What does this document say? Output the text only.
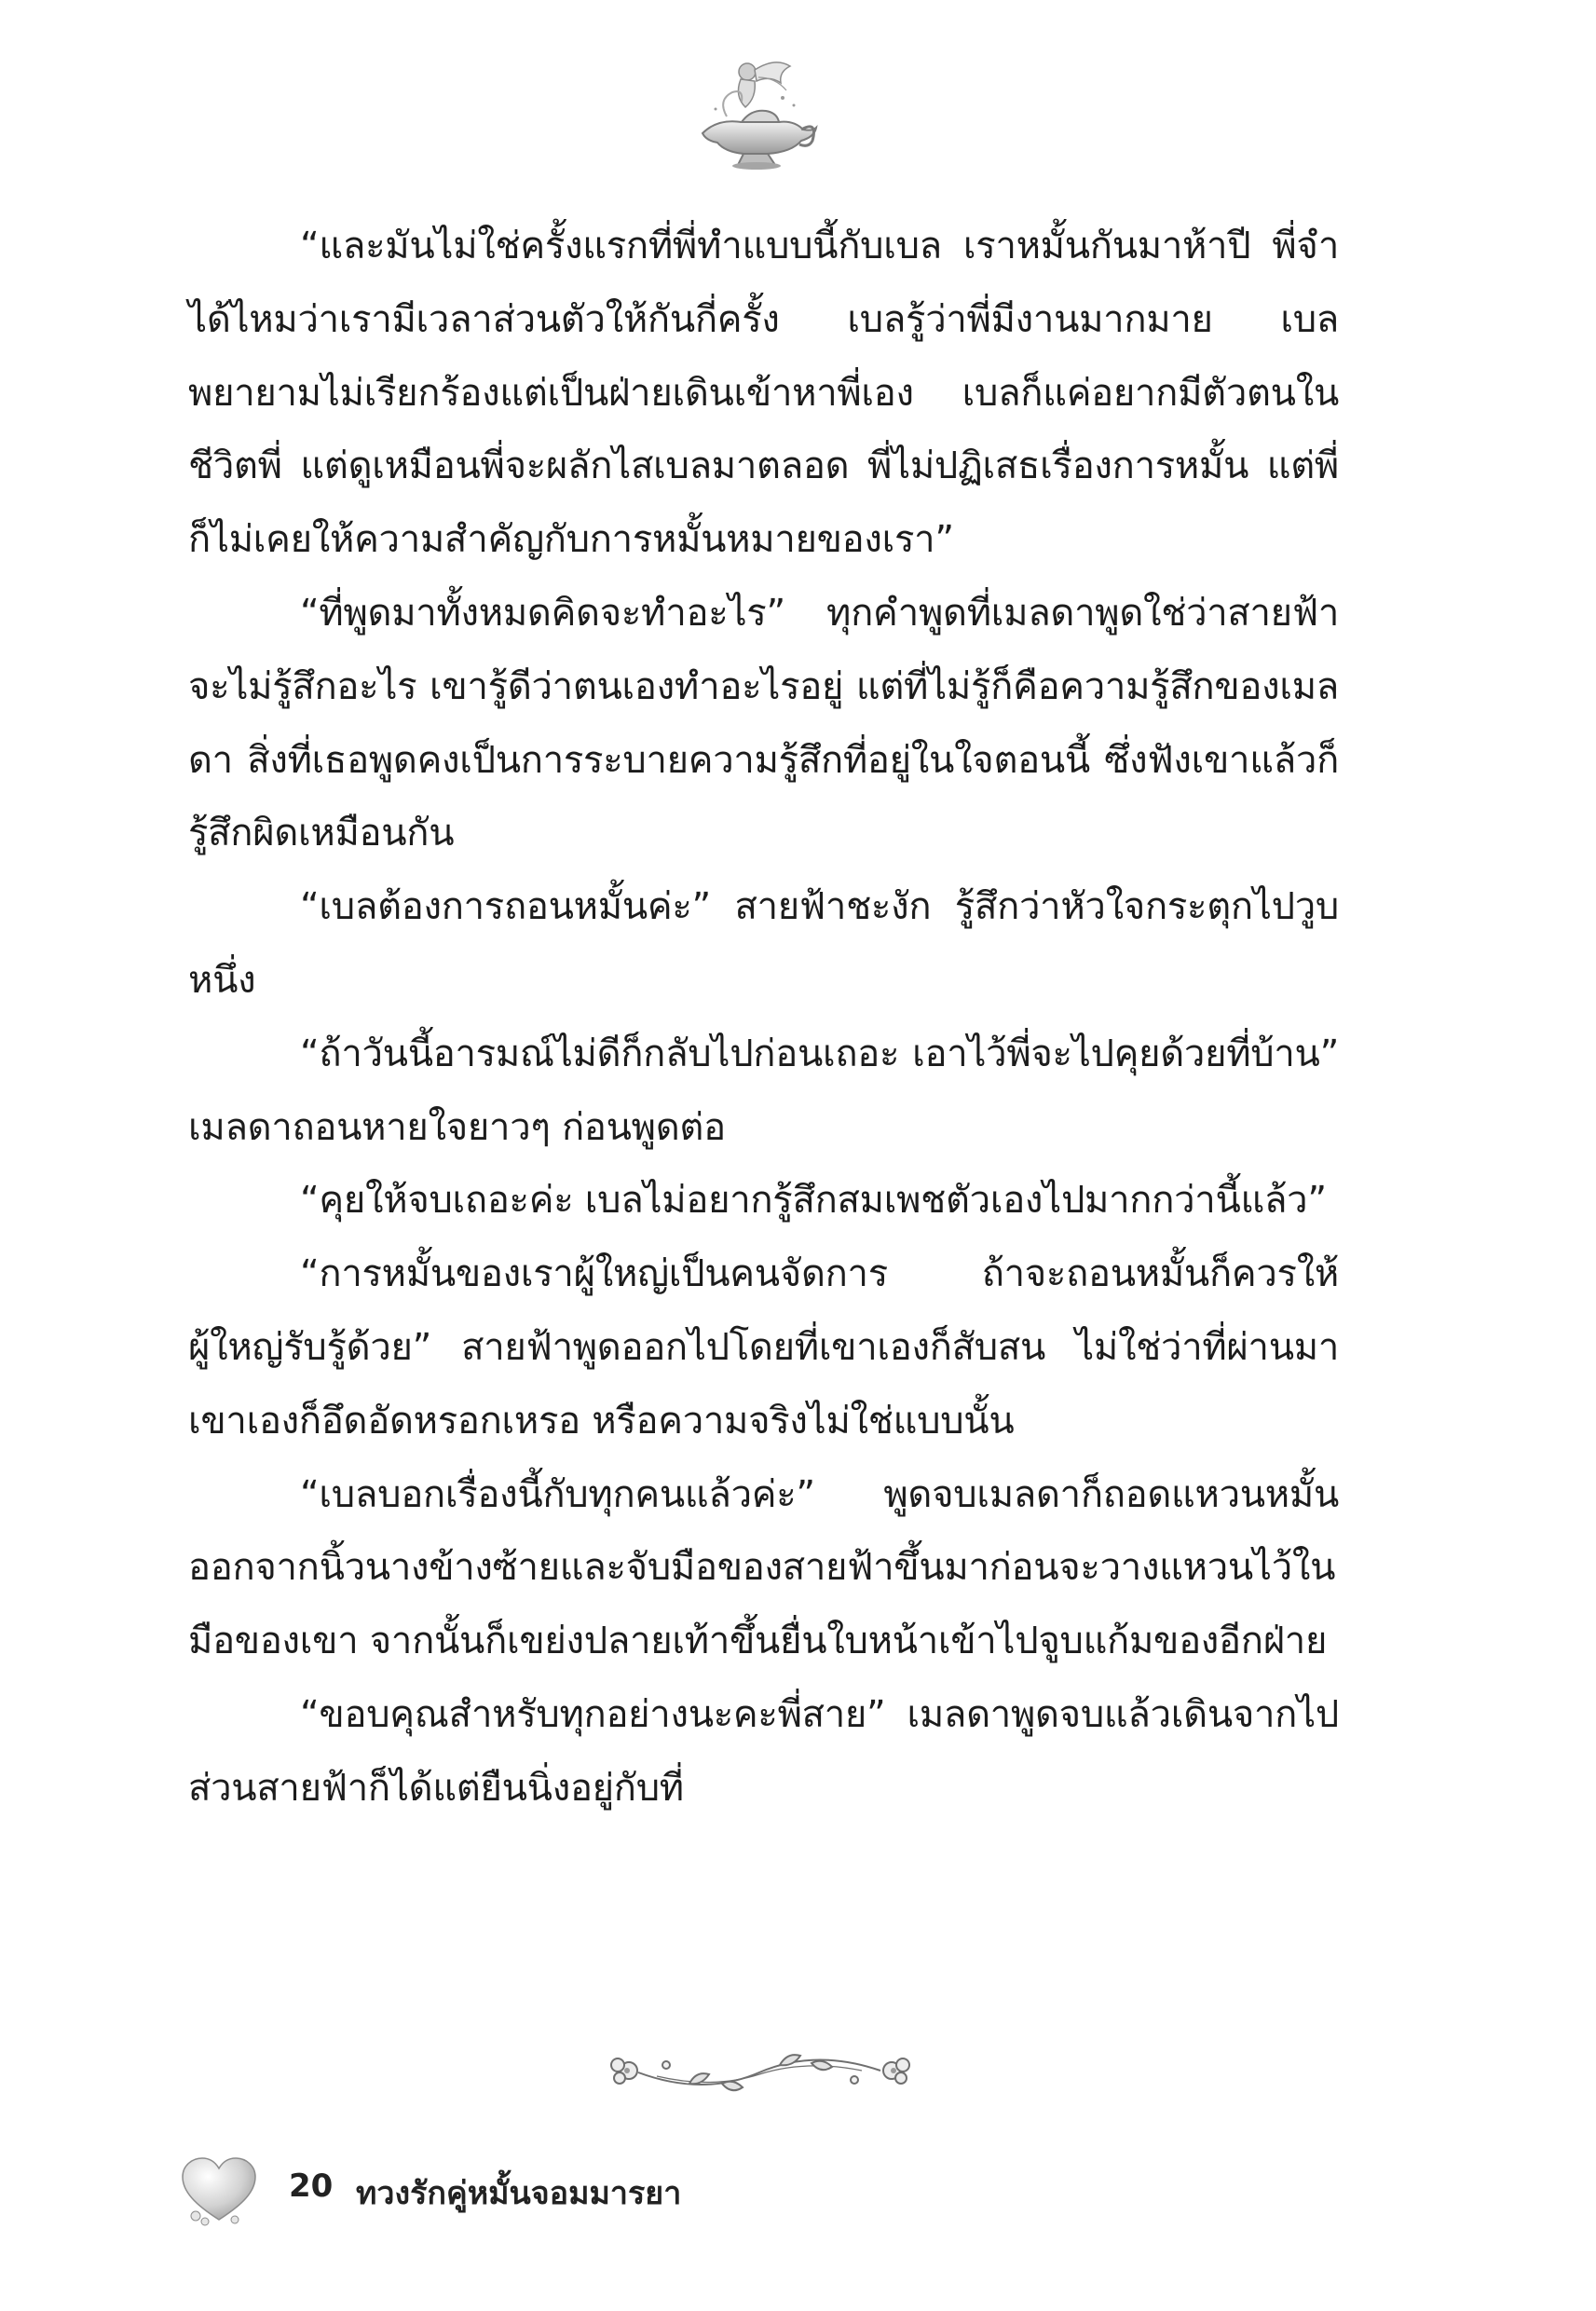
“และมันไม่ใช่ครั้งแรกที่พี่ทำแบบนี้กับเบล เราหมั้นกันมาห้าปี พี่จำได้ไหมว่าเรามีเวลาส่วนตัวให้กันกี่ครั้ง เบลรู้ว่าพี่มีงานมากมาย เบลพยายามไม่เรียกร้องแต่เป็นฝ่ายเดินเข้าหาพี่เอง เบลก็แค่อยากมีตัวตนในชีวิตพี่ แต่ดูเหมือนพี่จะผลักไสเบลมาตลอด พี่ไม่ปฏิเสธเรื่องการหมั้น แต่พี่ก็ไม่เคยให้ความสำคัญกับการหมั้นหมายของเรา”

“ที่พูดมาทั้งหมดคิดจะทำอะไร” ทุกคำพูดที่เมลดาพูดใช่ว่าสายฟ้าจะไม่รู้สึกอะไร เขารู้ดีว่าตนเองทำอะไรอยู่ แต่ที่ไม่รู้ก็คือความรู้สึกของเมลดา สิ่งที่เธอพูดคงเป็นการระบายความรู้สึกที่อยู่ในใจตอนนี้ ซึ่งฟังเขาแล้วก็รู้สึกผิดเหมือนกัน

“เบลต้องการถอนหมั้นค่ะ” สายฟ้าชะงัก รู้สึกว่าหัวใจกระตุกไปวูบหนึ่ง

“ถ้าวันนี้อารมณ์ไม่ดีก็กลับไปก่อนเถอะ เอาไว้พี่จะไปคุยด้วยที่บ้าน” เมลดาถอนหายใจยาวๆ ก่อนพูดต่อ

“คุยให้จบเถอะค่ะ เบลไม่อยากรู้สึกสมเพชตัวเองไปมากกว่านี้แล้ว”

“การหมั้นของเราผู้ใหญ่เป็นคนจัดการ ถ้าจะถอนหมั้นก็ควรให้ผู้ใหญ่รับรู้ด้วย” สายฟ้าพูดออกไปโดยที่เขาเองก็สับสน ไม่ใช่ว่าที่ผ่านมาเขาเองก็อึดอัดหรอกเหรอ หรือความจริงไม่ใช่แบบนั้น

“เบลบอกเรื่องนี้กับทุกคนแล้วค่ะ” พูดจบเมลดาก็ถอดแหวนหมั้นออกจากนิ้วนางข้างซ้ายและจับมือของสายฟ้าขึ้นมาก่อนจะวางแหวนไว้ในมือของเขา จากนั้นก็เขย่งปลายเท้าขึ้นยื่นใบหน้าเข้าไปจูบแก้มของอีกฝ่าย

“ขอบคุณสำหรับทุกอย่างนะคะพี่สาย” เมลดาพูดจบแล้วเดินจากไป ส่วนสายฟ้าก็ได้แต่ยืนนิ่งอยู่กับที่

20 ทวงรักคู่หมั้นจอมมารยา
